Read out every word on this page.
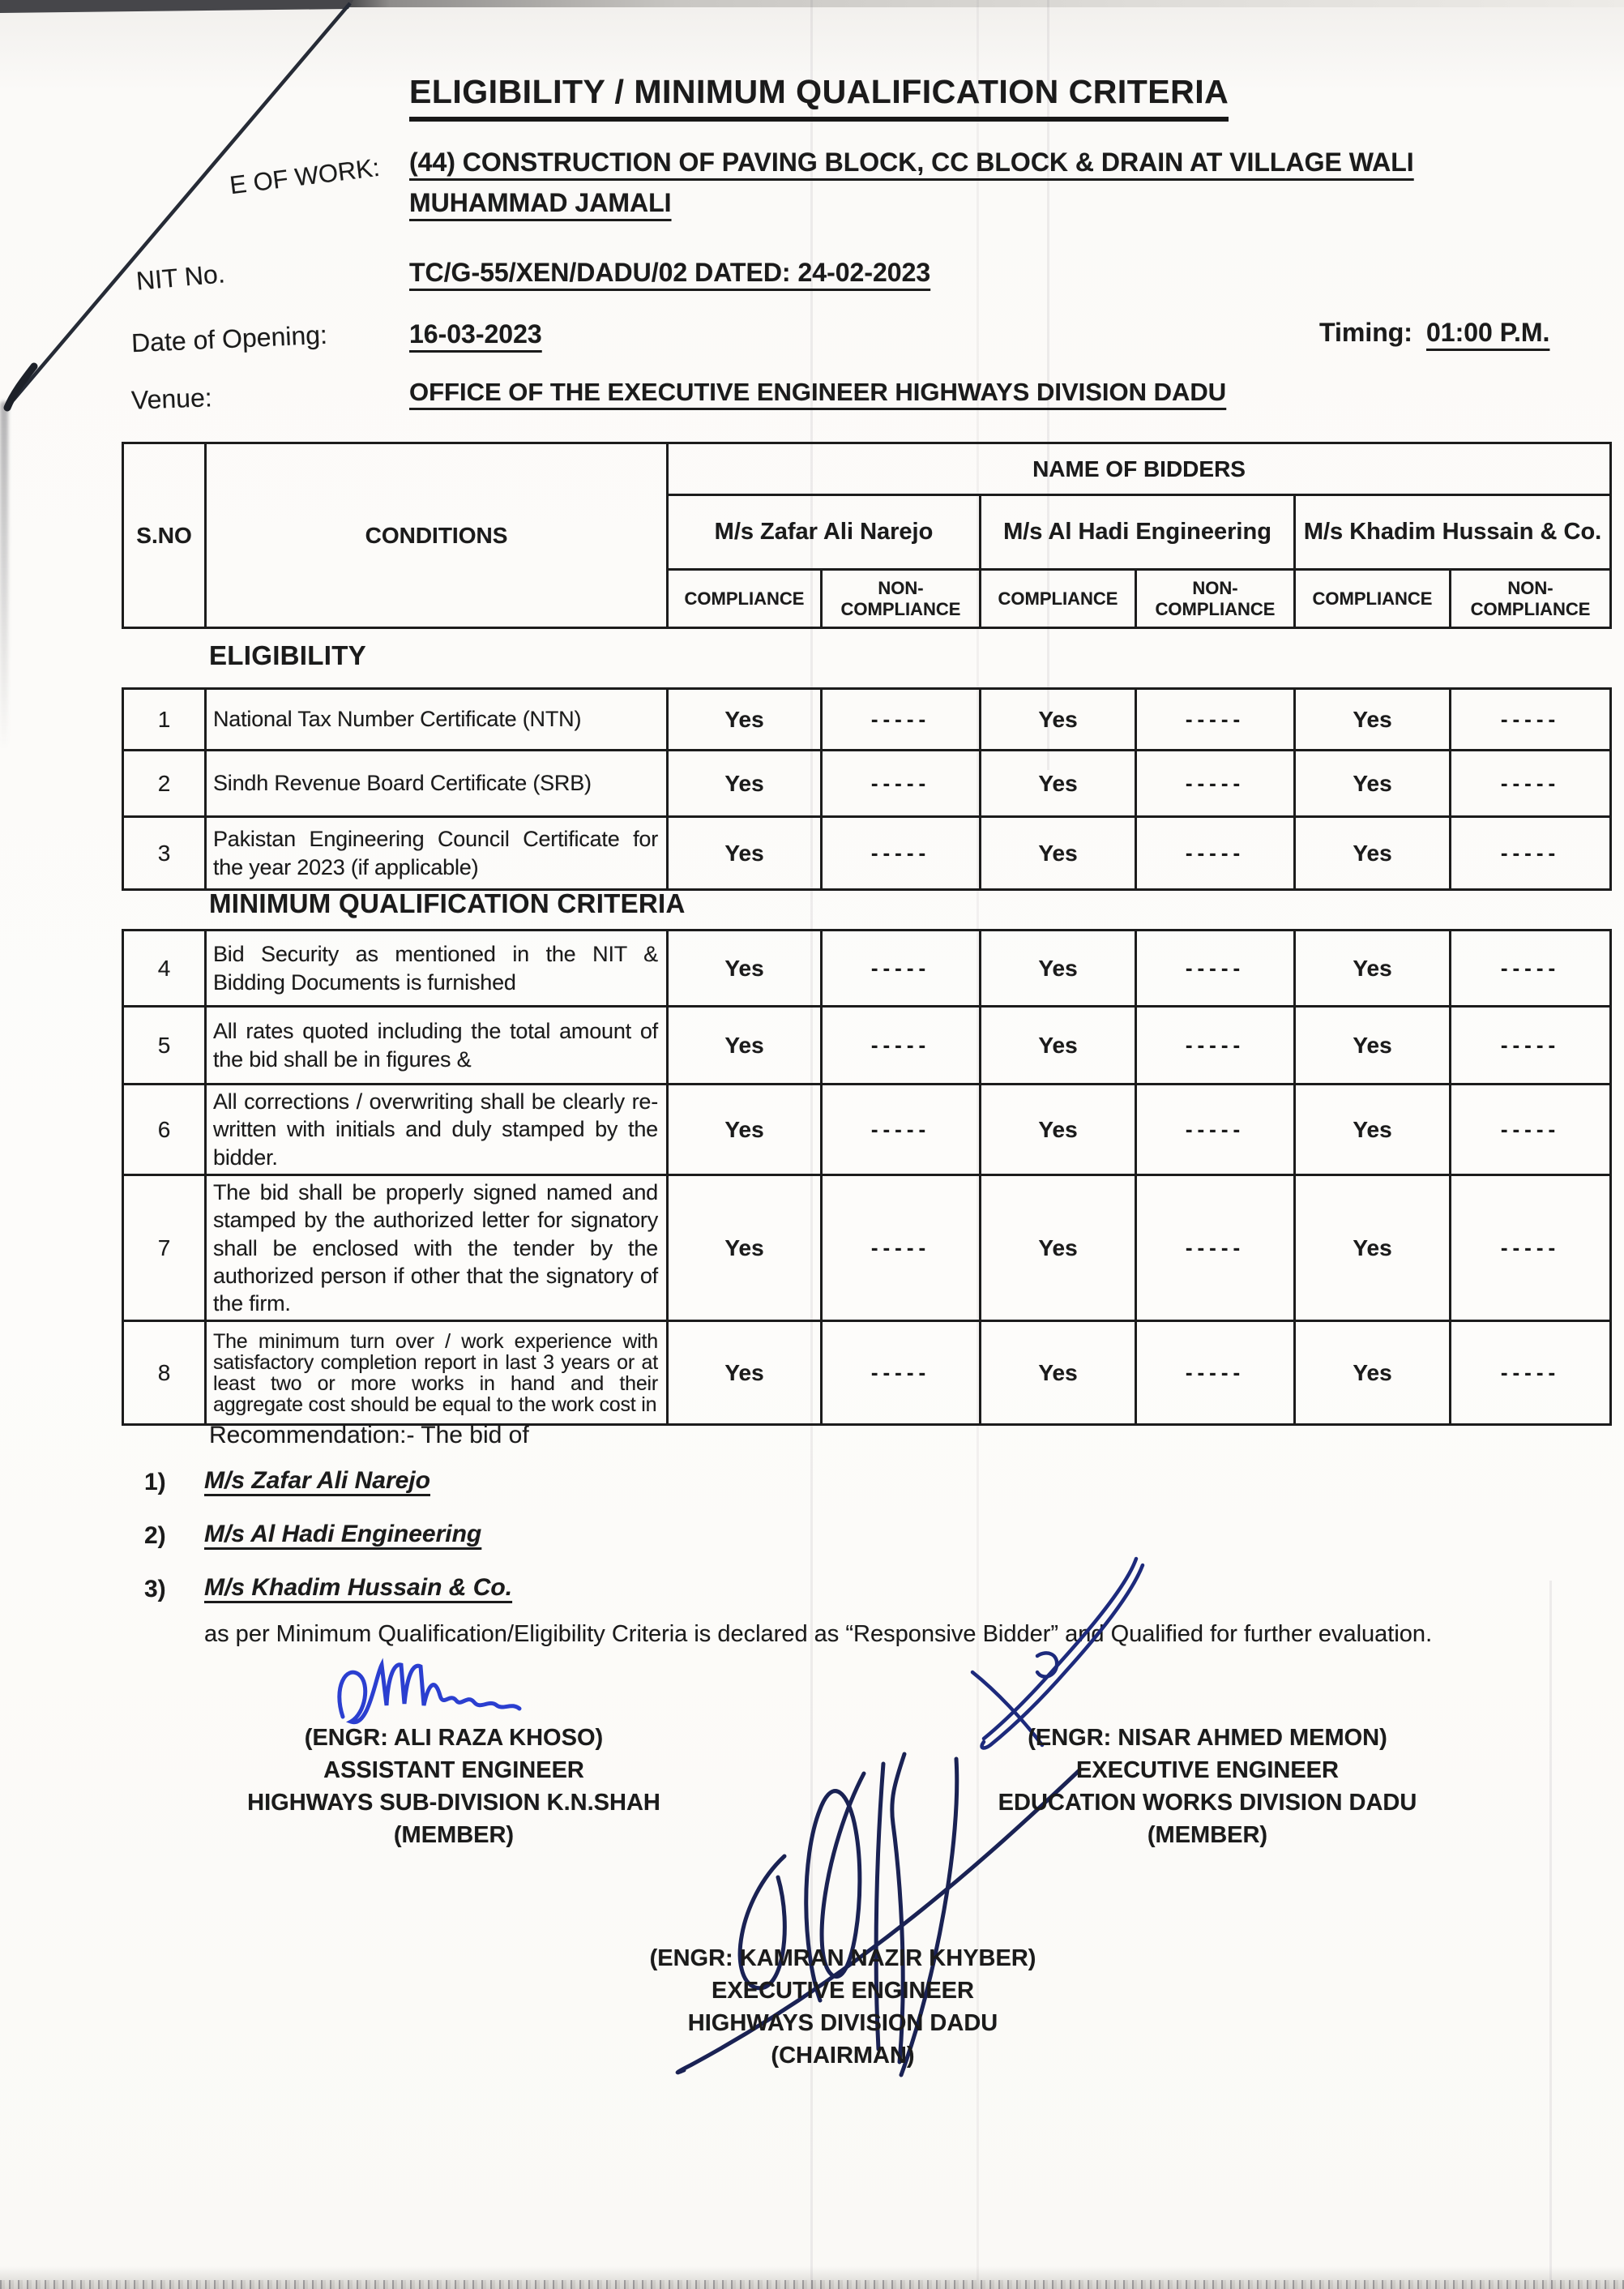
ELIGIBILITY / MINIMUM QUALIFICATION CRITERIA
E OF WORK: (44) CONSTRUCTION OF PAVING BLOCK, CC BLOCK & DRAIN AT VILLAGE WALI MUHAMMAD JAMALI
NIT No.	TC/G-55/XEN/DADU/02 DATED: 24-02-2023
Date of Opening:	16-03-2023	Timing: 01:00 P.M.
Venue:	OFFICE OF THE EXECUTIVE ENGINEER HIGHWAYS DIVISION DADU
S.NO	CONDITIONS	NAME OF BIDDERS					
		M/s Zafar Ali Narejo		M/s Al Hadi Engineering		M/s Khadim Hussain & Co.	
		COMPLIANCE	NON-COMPLIANCE	COMPLIANCE	NON-COMPLIANCE	COMPLIANCE	NON-COMPLIANCE
ELIGIBILITY
1	National Tax Number Certificate (NTN)	Yes	-----	Yes	-----	Yes	-----
2	Sindh Revenue Board Certificate (SRB)	Yes	-----	Yes	-----	Yes	-----
3	Pakistan Engineering Council Certificate for the year 2023 (if applicable)	Yes	-----	Yes	-----	Yes	-----
MINIMUM QUALIFICATION CRITERIA
4	Bid Security as mentioned in the NIT & Bidding Documents is furnished	Yes	-----	Yes	-----	Yes	-----
5	All rates quoted including the total amount of the bid shall be in figures &	Yes	-----	Yes	-----	Yes	-----
6	All corrections / overwriting shall be clearly re-written with initials and duly stamped by the bidder.	Yes	-----	Yes	-----	Yes	-----
7	The bid shall be properly signed named and stamped by the authorized letter for signatory shall be enclosed with the tender by the authorized person if other that the signatory of the firm.	Yes	-----	Yes	-----	Yes	-----
8	The minimum turn over / work experience with satisfactory completion report in last 3 years or at least two or more works in hand and their aggregate cost should be equal to the work cost in	Yes	-----	Yes	-----	Yes	-----
Recommendation:- The bid of
1) M/s Zafar Ali Narejo
2) M/s Al Hadi Engineering
3) M/s Khadim Hussain & Co.
as per Minimum Qualification/Eligibility Criteria is declared as “Responsive Bidder” and Qualified for further evaluation.
(ENGR: ALI RAZA KHOSO)
ASSISTANT ENGINEER
HIGHWAYS SUB-DIVISION K.N.SHAH
(MEMBER)
(ENGR: NISAR AHMED MEMON)
EXECUTIVE ENGINEER
EDUCATION WORKS DIVISION DADU
(MEMBER)
(ENGR: KAMRAN NAZIR KHYBER)
EXECUTIVE ENGINEER
HIGHWAYS DIVISION DADU
(CHAIRMAN)
